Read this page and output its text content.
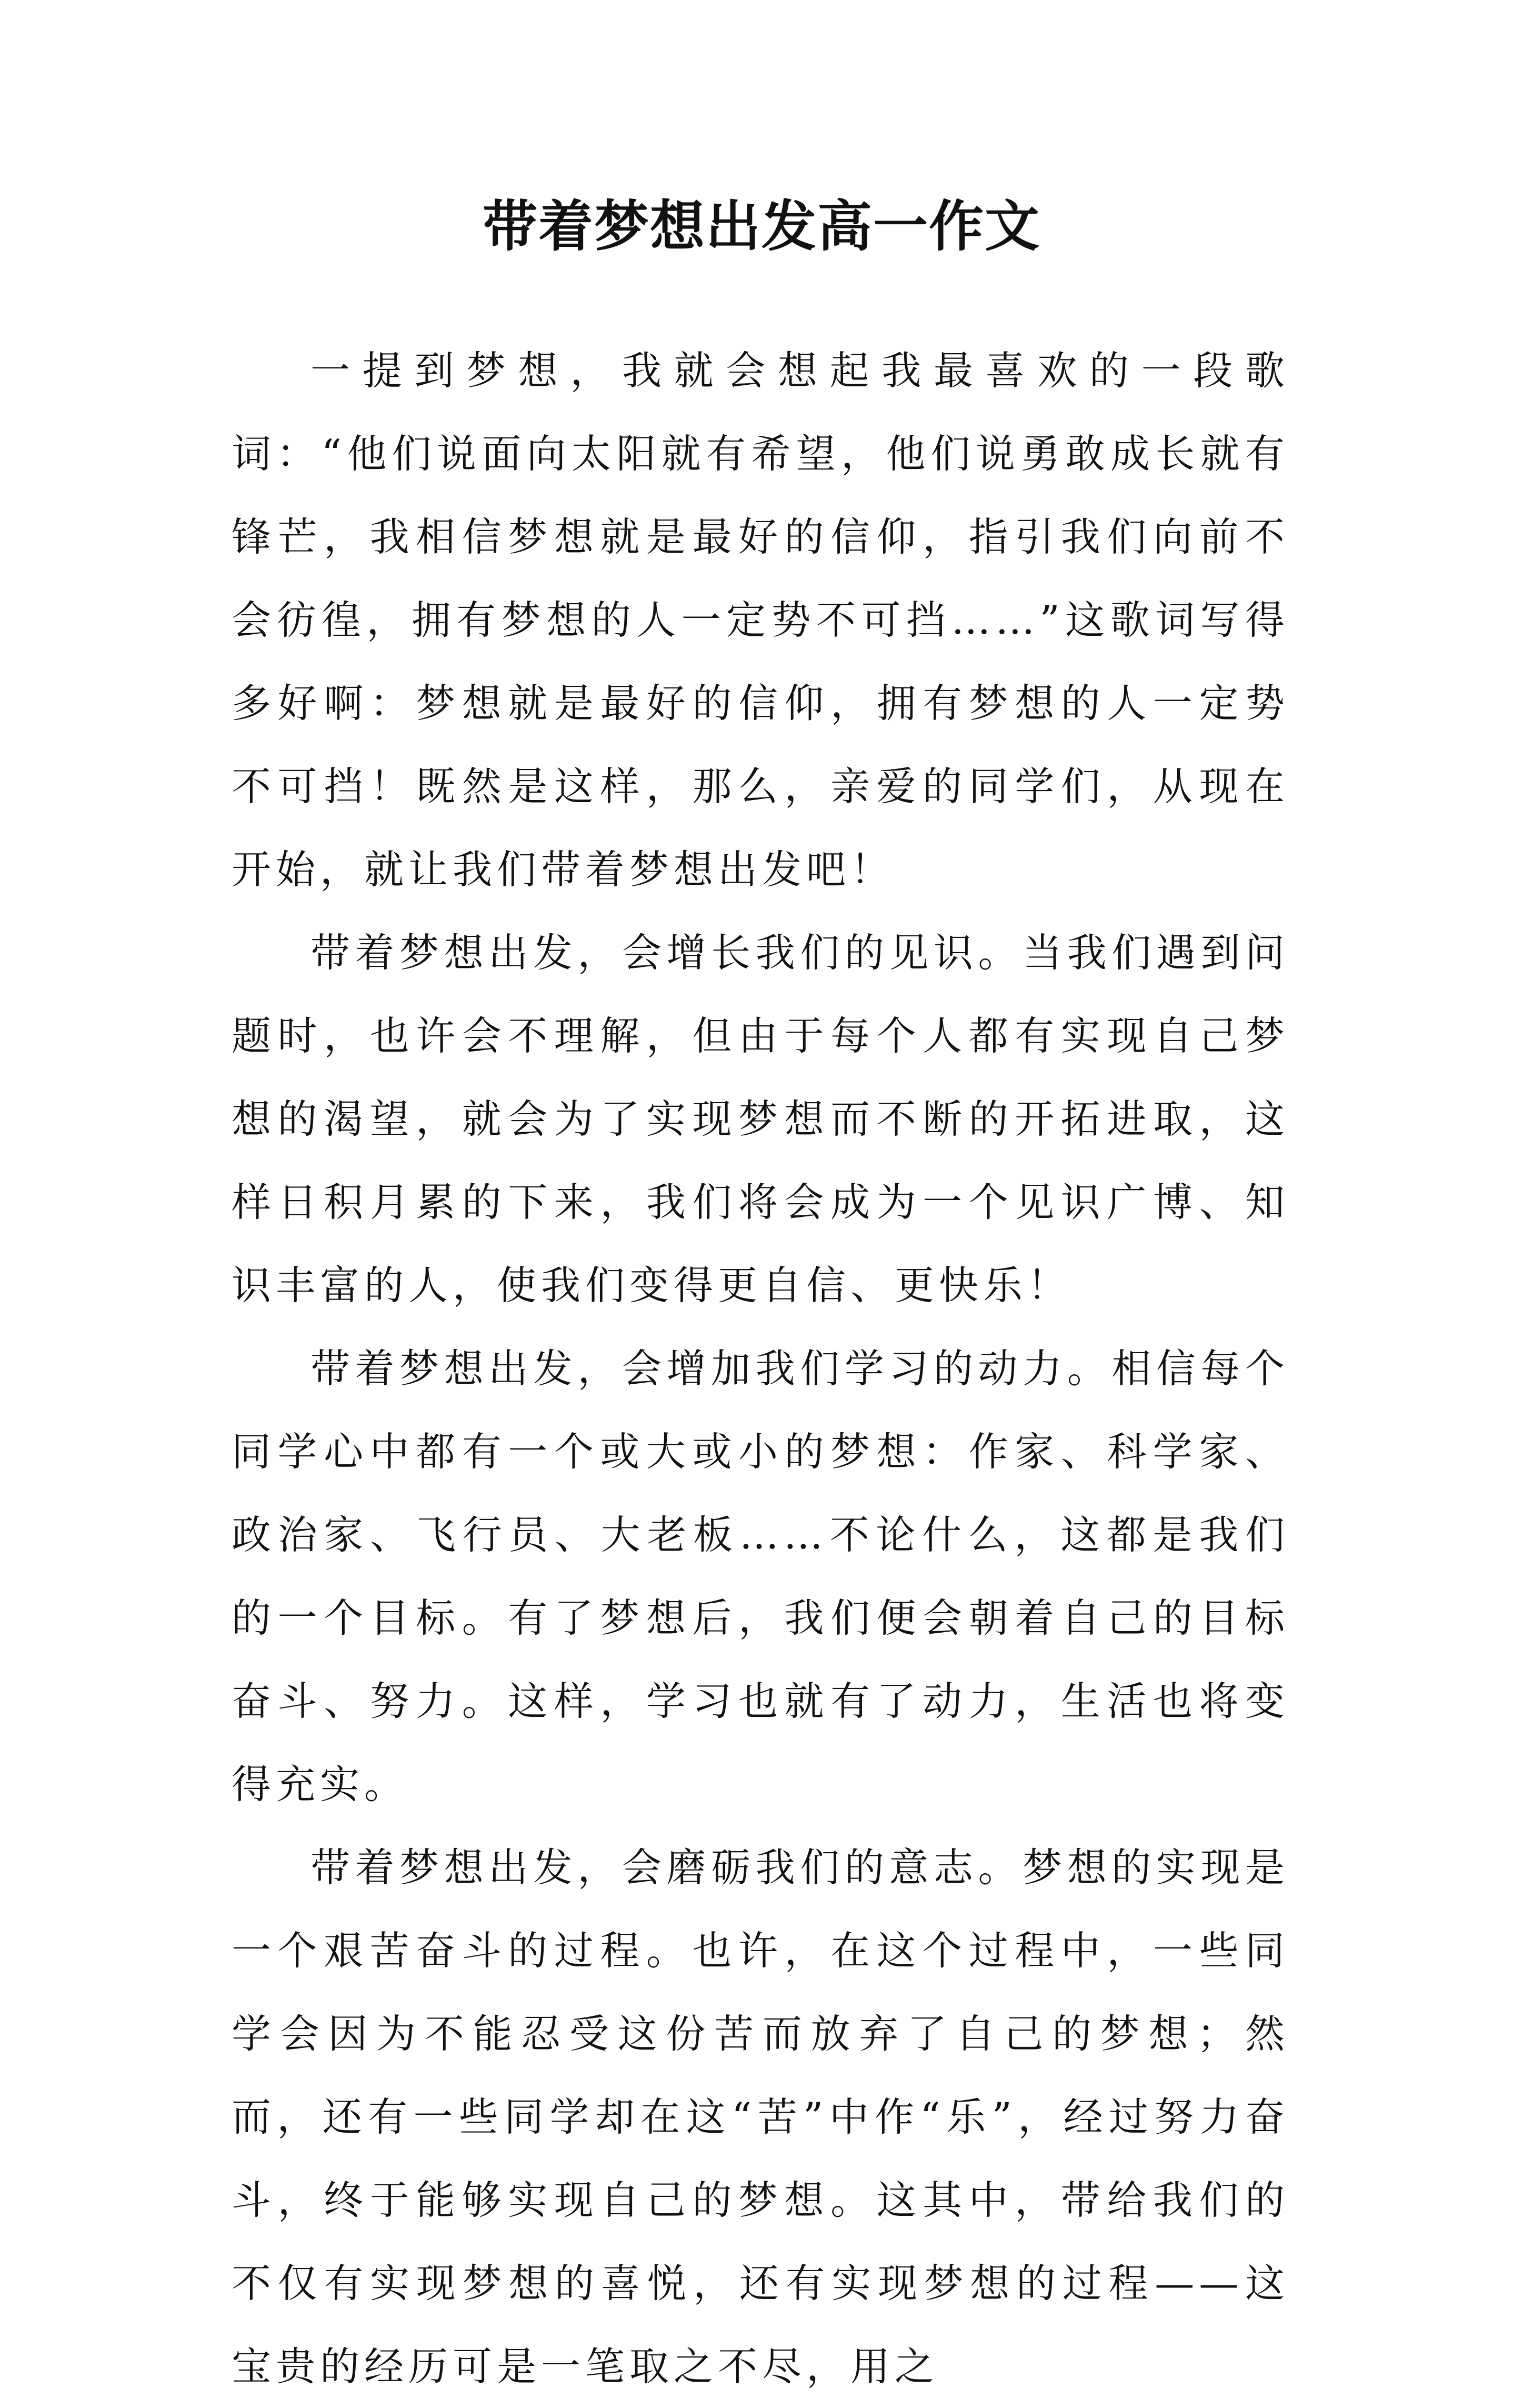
带着梦想出发高一作文

一提到梦想，我就会想起我最喜欢的一段歌词：“他们说面向太阳就有希望，他们说勇敢成长就有锋芒，我相信梦想就是最好的信仰，指引我们向前不会彷徨，拥有梦想的人一定势不可挡……”这歌词写得多好啊：梦想就是最好的信仰，拥有梦想的人一定势不可挡！既然是这样，那么，亲爱的同学们，从现在开始，就让我们带着梦想出发吧！

带着梦想出发，会增长我们的见识。当我们遇到问题时，也许会不理解，但由于每个人都有实现自己梦想的渴望，就会为了实现梦想而不断的开拓进取，这样日积月累的下来，我们将会成为一个见识广博、知识丰富的人，使我们变得更自信、更快乐！

带着梦想出发，会增加我们学习的动力。相信每个同学心中都有一个或大或小的梦想：作家、科学家、政治家、飞行员、大老板……不论什么，这都是我们的一个目标。有了梦想后，我们便会朝着自己的目标奋斗、努力。这样，学习也就有了动力，生活也将变得充实。

带着梦想出发，会磨砺我们的意志。梦想的实现是一个艰苦奋斗的过程。也许，在这个过程中，一些同学会因为不能忍受这份苦而放弃了自己的梦想；然而，还有一些同学却在这“苦”中作“乐”，经过努力奋斗，终于能够实现自己的梦想。这其中，带给我们的不仅有实现梦想的喜悦，还有实现梦想的过程——这宝贵的经历可是一笔取之不尽，用之
